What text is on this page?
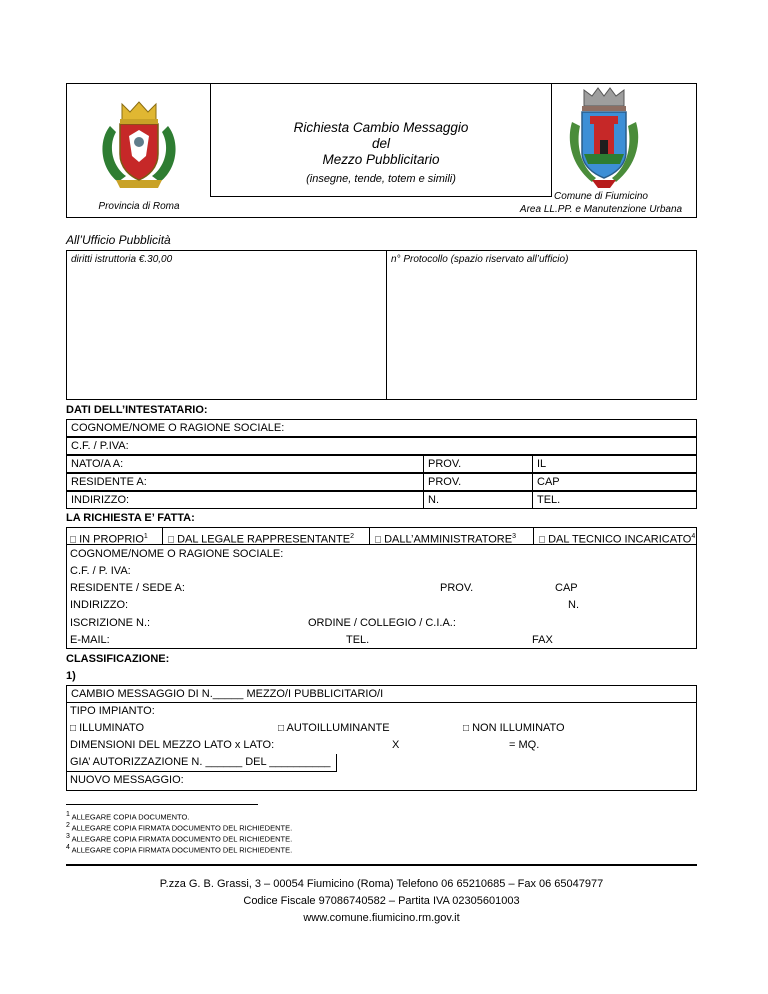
Richiesta Cambio Messaggio
del
Mezzo Pubblicitario
(insegne, tende, totem e simili)
Provincia di Roma
Comune di Fiumicino
Area LL.PP. e Manutenzione Urbana
All’Ufficio Pubblicità
diritti istruttoria €.30,00	n° Protocollo (spazio riservato all’ufficio)
DATI DELL’INTESTATARIO:
COGNOME/NOME O RAGIONE SOCIALE:
C.F. / P.IVA:
NATO/A A:	PROV.	IL
RESIDENTE A:	PROV.	CAP
INDIRIZZO:	N.	TEL.
LA RICHIESTA E’ FATTA:
□ IN PROPRIO$^1$	□ DAL LEGALE RAPPRESENTANTE$^2$	□ DALL’AMMINISTRATORE$^3$	□ DAL TECNICO INCARICATO$^4$
COGNOME/NOME O RAGIONE SOCIALE:
C.F. / P. IVA:
RESIDENTE / SEDE A:	PROV.	CAP
INDIRIZZO:	N.
ISCRIZIONE N.:	ORDINE / COLLEGIO / C.I.A.:
E-MAIL:	TEL.	FAX
CLASSIFICAZIONE:
1)
CAMBIO MESSAGGIO DI N._____ MEZZO/I PUBBLICITARIO/I
TIPO IMPIANTO:
□ ILLUMINATO	□ AUTOILLUMINANTE	□ NON ILLUMINATO
DIMENSIONI DEL MEZZO LATO x LATO:	X	= MQ.
GIA’ AUTORIZZAZIONE N. ______ DEL __________
NUOVO MESSAGGIO:
$^1$ ALLEGARE COPIA DOCUMENTO.
$^2$ ALLEGARE COPIA FIRMATA DOCUMENTO DEL RICHIEDENTE.
$^3$ ALLEGARE COPIA FIRMATA DOCUMENTO DEL RICHIEDENTE.
$^4$ ALLEGARE COPIA FIRMATA DOCUMENTO DEL RICHIEDENTE.
P.zza G. B. Grassi, 3 – 00054 Fiumicino (Roma) Telefono 06 65210685 – Fax 06 65047977
Codice Fiscale 97086740582 – Partita IVA 02305601003
www.comune.fiumicino.rm.gov.it
